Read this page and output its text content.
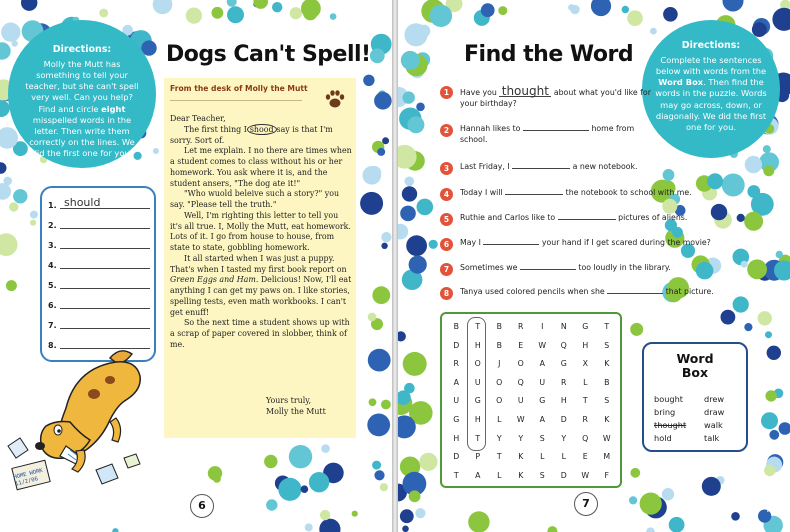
Directions:
Molly the Mutt has something to tell your teacher, but she can't spell very well. Can you help? Find and circle eight misspelled words in the letter. Then write them correctly on the lines. We did the first one for you.
Dogs Can't Spell!
From the desk of Molly the Mutt

Dear Teacher,

The first thing I shood say is that I'm sorry. Sort of.

Let me explain. I no there are times when a student comes to class without his or her homework. You ask where it is, and the student ansers, "The dog ate it!"

"Who wuold beleive such a story?" you say. "Please tell the truth."

Well, I'm righting this letter to tell you it's all true. I, Molly the Mutt, eat homework. Lots of it. I go from house to house, from state to state, gobbling homework.

It all started when I was just a puppy. That's when I tasted my first book report on Green Eggs and Ham. Delicious! Now, I'll eat anything I can get my paws on. I like stories, spelling tests, even math workbooks. I can't get enuff!

So the next time a student shows up with a scrap of paper covered in slobber, think of me.

Yours truly,
Molly the Mutt
1. should
2.
3.
4.
5.
6.
7.
8.
HOME WORK 11/2/06
6
GROUP ONE
Find the Word	Directions:
Complete the sentences below with words from the Word Box. Then find the words in the puzzle. Words may go across, down, or diagonally. We did the first one for you.
1	Have you thought about what you'd like for your birthday?
2	Hannah likes to	home from school.
3	Last Friday, I	a new notebook.
4	Today I will	the notebook to school with me.
5	Ruthie and Carlos like to	pictures of aliens.
6	May I	your hand if I get scared during the movie?
7	Sometimes we	too loudly in the library.
8	Tanya used colored pencils when she	that picture.
B	T	B	R	I	N	G	T
D	H	B	E	W	Q	H	S
R	O	J	O	A	G	X	K
A	U	O	Q	U	R	L	B
U	G	O	U	G	H	T	S
G	H	L	W	A	D	R	K
H	T	Y	Y	S	Y	Q	W
D	P	T	K	L	L	E	M
T	A	L	K	S	D	W	F
Word
Box
bought	drew
bring	draw
thought walk
hold	talk
7	GROUP TWO
